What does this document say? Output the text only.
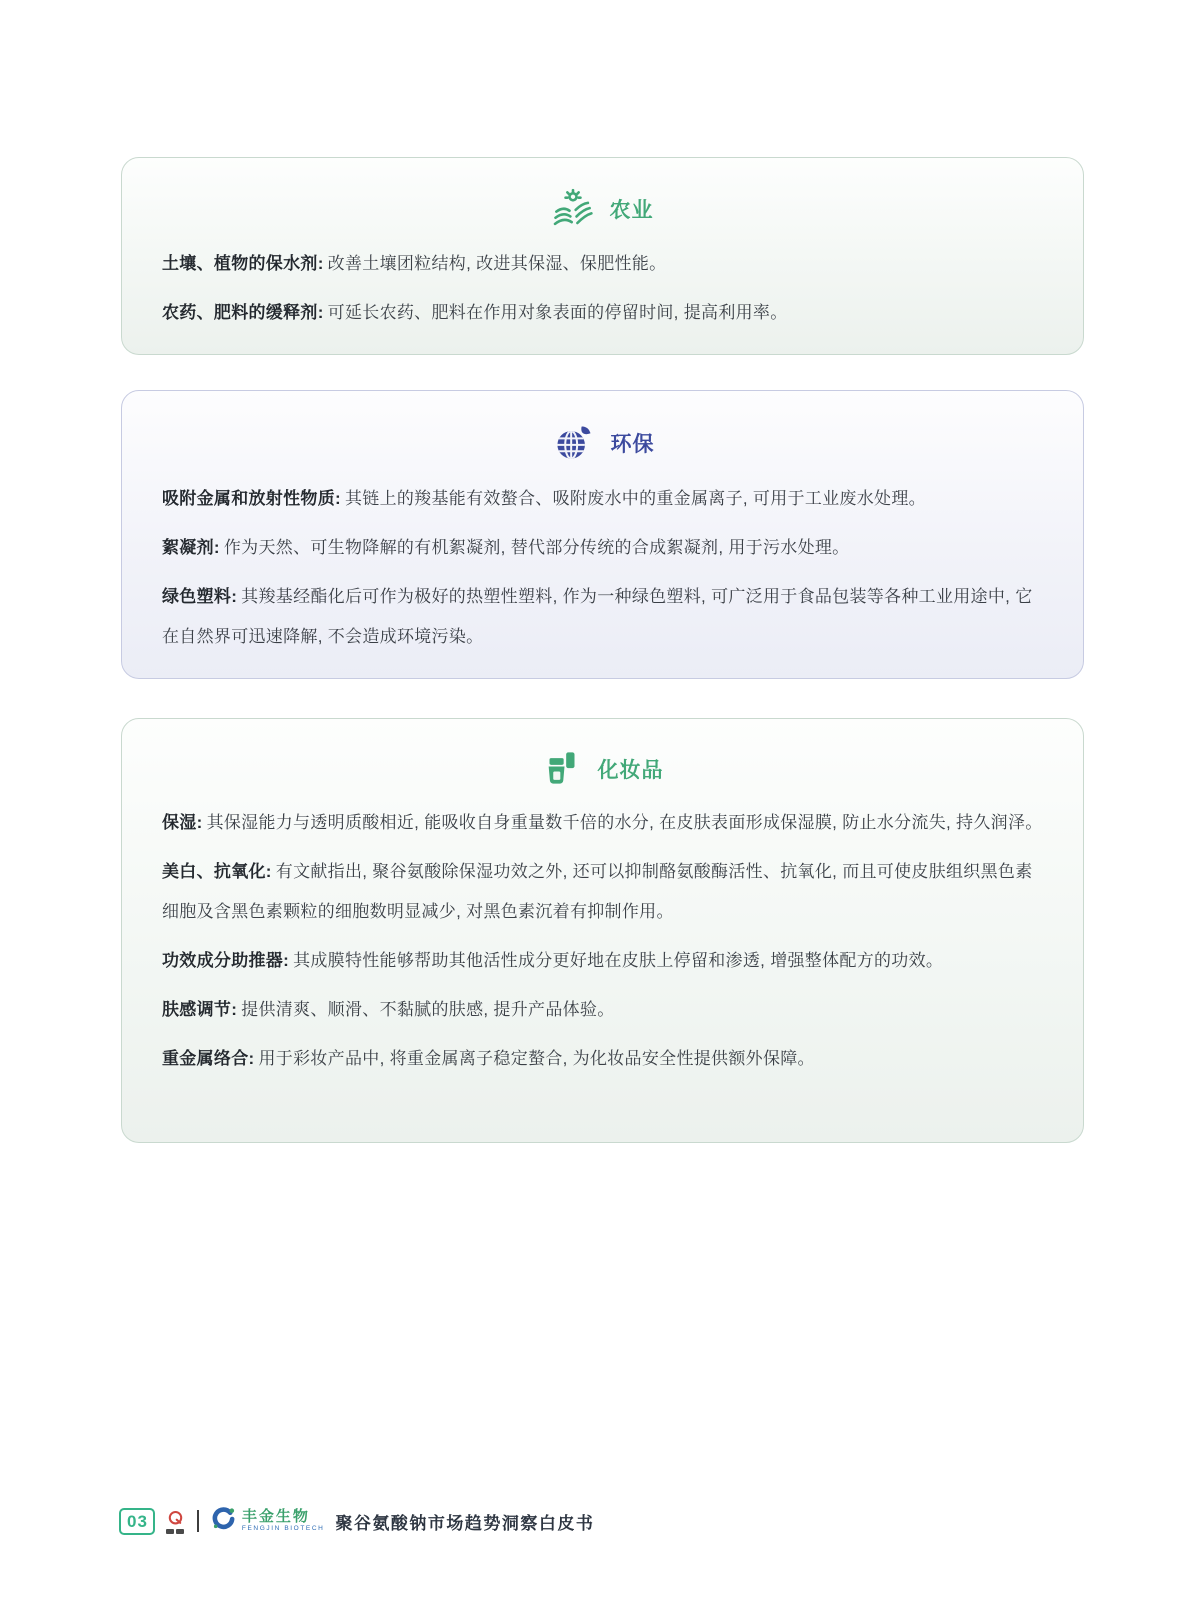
农业

土壤、植物的保水剂: 改善土壤团粒结构, 改进其保湿、保肥性能。

农药、肥料的缓释剂: 可延长农药、肥料在作用对象表面的停留时间, 提高利用率。

环保

吸附金属和放射性物质: 其链上的羧基能有效螯合、吸附废水中的重金属离子, 可用于工业废水处理。

絮凝剂: 作为天然、可生物降解的有机絮凝剂, 替代部分传统的合成絮凝剂, 用于污水处理。

绿色塑料: 其羧基经酯化后可作为极好的热塑性塑料, 作为一种绿色塑料, 可广泛用于食品包装等各种工业用途中, 它在自然界可迅速降解, 不会造成环境污染。

化妆品

保湿: 其保湿能力与透明质酸相近, 能吸收自身重量数千倍的水分, 在皮肤表面形成保湿膜, 防止水分流失, 持久润泽。

美白、抗氧化: 有文献指出, 聚谷氨酸除保湿功效之外, 还可以抑制酪氨酸酶活性、抗氧化, 而且可使皮肤组织黑色素细胞及含黑色素颗粒的细胞数明显减少, 对黑色素沉着有抑制作用。

功效成分助推器: 其成膜特性能够帮助其他活性成分更好地在皮肤上停留和渗透, 增强整体配方的功效。

肤感调节: 提供清爽、顺滑、不黏腻的肤感, 提升产品体验。

重金属络合: 用于彩妆产品中, 将重金属离子稳定螯合, 为化妆品安全性提供额外保障。

03	丰金生物
FENGJIN BIOTECH 聚谷氨酸钠市场趋势洞察白皮书
